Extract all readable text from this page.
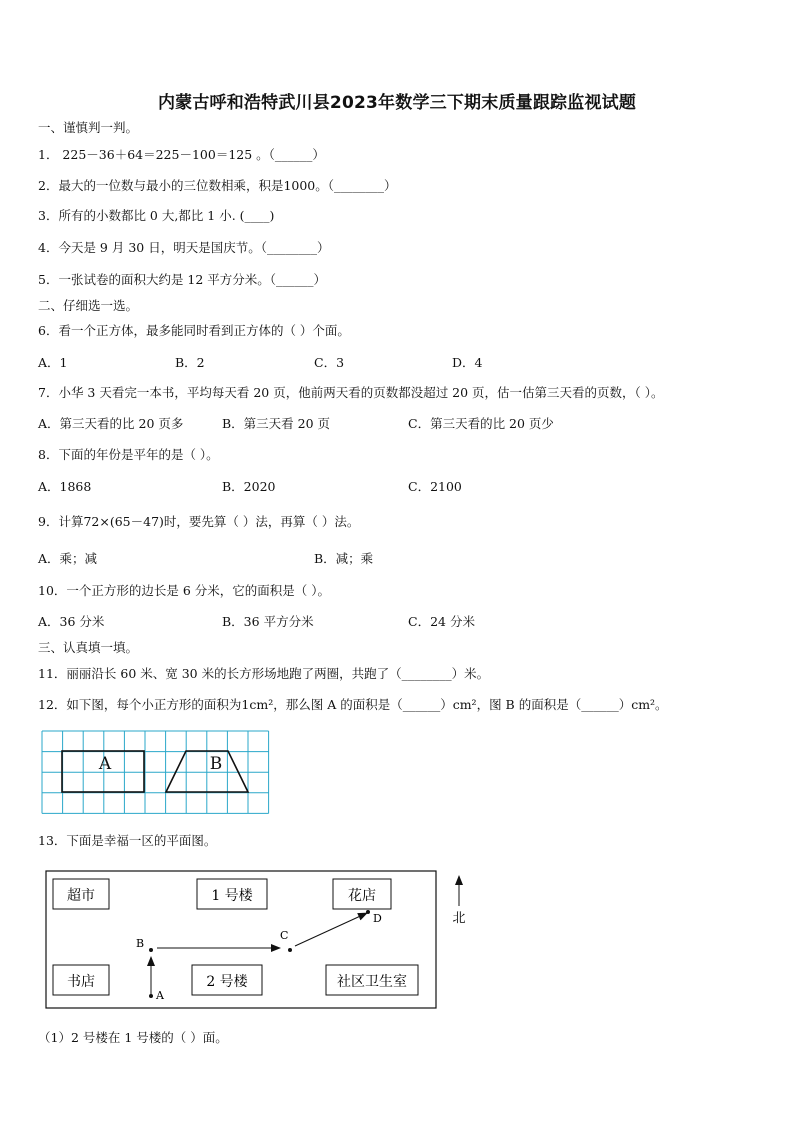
内蒙古呼和浩特武川县2023年数学三下期末质量跟踪监视试题
一、谨慎判一判。
1． 225－36＋64＝225－100＝125 。（______）
2．最大的一位数与最小的三位数相乘，积是1000。（________）
3．所有的小数都比 0 大,都比 1 小. (____)
4．今天是 9 月 30 日，明天是国庆节。（________）
5．一张试卷的面积大约是 12 平方分米。（______）
二、仔细选一选。
6．看一个正方体，最多能同时看到正方体的（ ）个面。
A．1	B．2	C．3	D．4
7．小华 3 天看完一本书，平均每天看 20 页，他前两天看的页数都没超过 20 页，估一估第三天看的页数，（ ）。
A．第三天看的比 20 页多	B．第三天看 20 页	C．第三天看的比 20 页少
8．下面的年份是平年的是（ ）。
A．1868	B．2020	C．2100
9．计算72×(65－47)时，要先算（ ）法，再算（ ）法。
A．乘；减	B．减；乘
10．一个正方形的边长是 6 分米，它的面积是（ ）。
A．36 分米	B．36 平方分米	C．24 分米
三、认真填一填。
11．丽丽沿长 60 米、宽 30 米的长方形场地跑了两圈，共跑了（________）米。
12．如下图，每个小正方形的面积为1cm²，那么图 A 的面积是（______）cm²，图 B 的面积是（______）cm²。
A	B
13．下面是幸福一区的平面图。
超市	1 号楼	花店
书店	2 号楼	社区卫生室
A
B
C
D	北
（1）2 号楼在 1 号楼的（ ）面。
